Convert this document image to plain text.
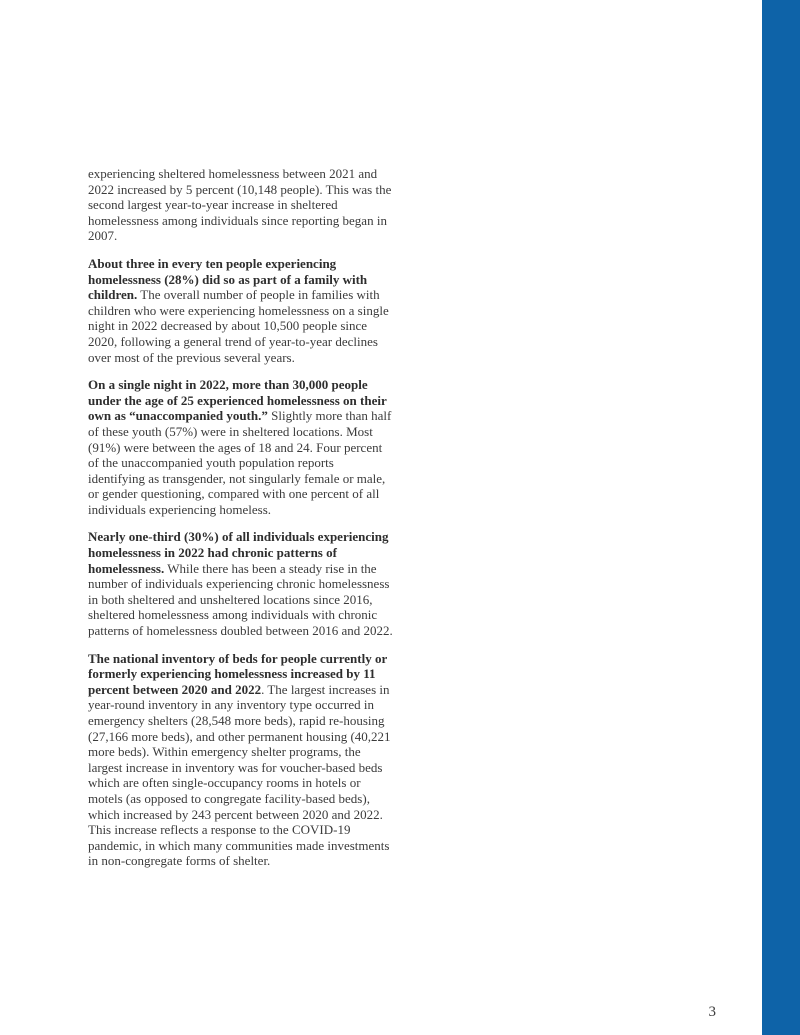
experiencing sheltered homelessness between 2021 and 2022 increased by 5 percent (10,148 people). This was the second largest year-to-year increase in sheltered homelessness among individuals since reporting began in 2007.

About three in every ten people experiencing homelessness (28%) did so as part of a family with children. The overall number of people in families with children who were experiencing homelessness on a single night in 2022 decreased by about 10,500 people since 2020, following a general trend of year-to-year declines over most of the previous several years.

On a single night in 2022, more than 30,000 people under the age of 25 experienced homelessness on their own as “unaccompanied youth.” Slightly more than half of these youth (57%) were in sheltered locations. Most (91%) were between the ages of 18 and 24. Four percent of the unaccompanied youth population reports identifying as transgender, not singularly female or male, or gender questioning, compared with one percent of all individuals experiencing homeless.

Nearly one-third (30%) of all individuals experiencing homelessness in 2022 had chronic patterns of homelessness. While there has been a steady rise in the number of individuals experiencing chronic homelessness in both sheltered and unsheltered locations since 2016, sheltered homelessness among individuals with chronic patterns of homelessness doubled between 2016 and 2022.

The national inventory of beds for people currently or formerly experiencing homelessness increased by 11 percent between 2020 and 2022. The largest increases in year-round inventory in any inventory type occurred in emergency shelters (28,548 more beds), rapid re-housing (27,166 more beds), and other permanent housing (40,221 more beds). Within emergency shelter programs, the largest increase in inventory was for voucher-based beds which are often single-occupancy rooms in hotels or motels (as opposed to congregate facility-based beds), which increased by 243 percent between 2020 and 2022. This increase reflects a response to the COVID-19 pandemic, in which many communities made investments in non-congregate forms of shelter.

3
